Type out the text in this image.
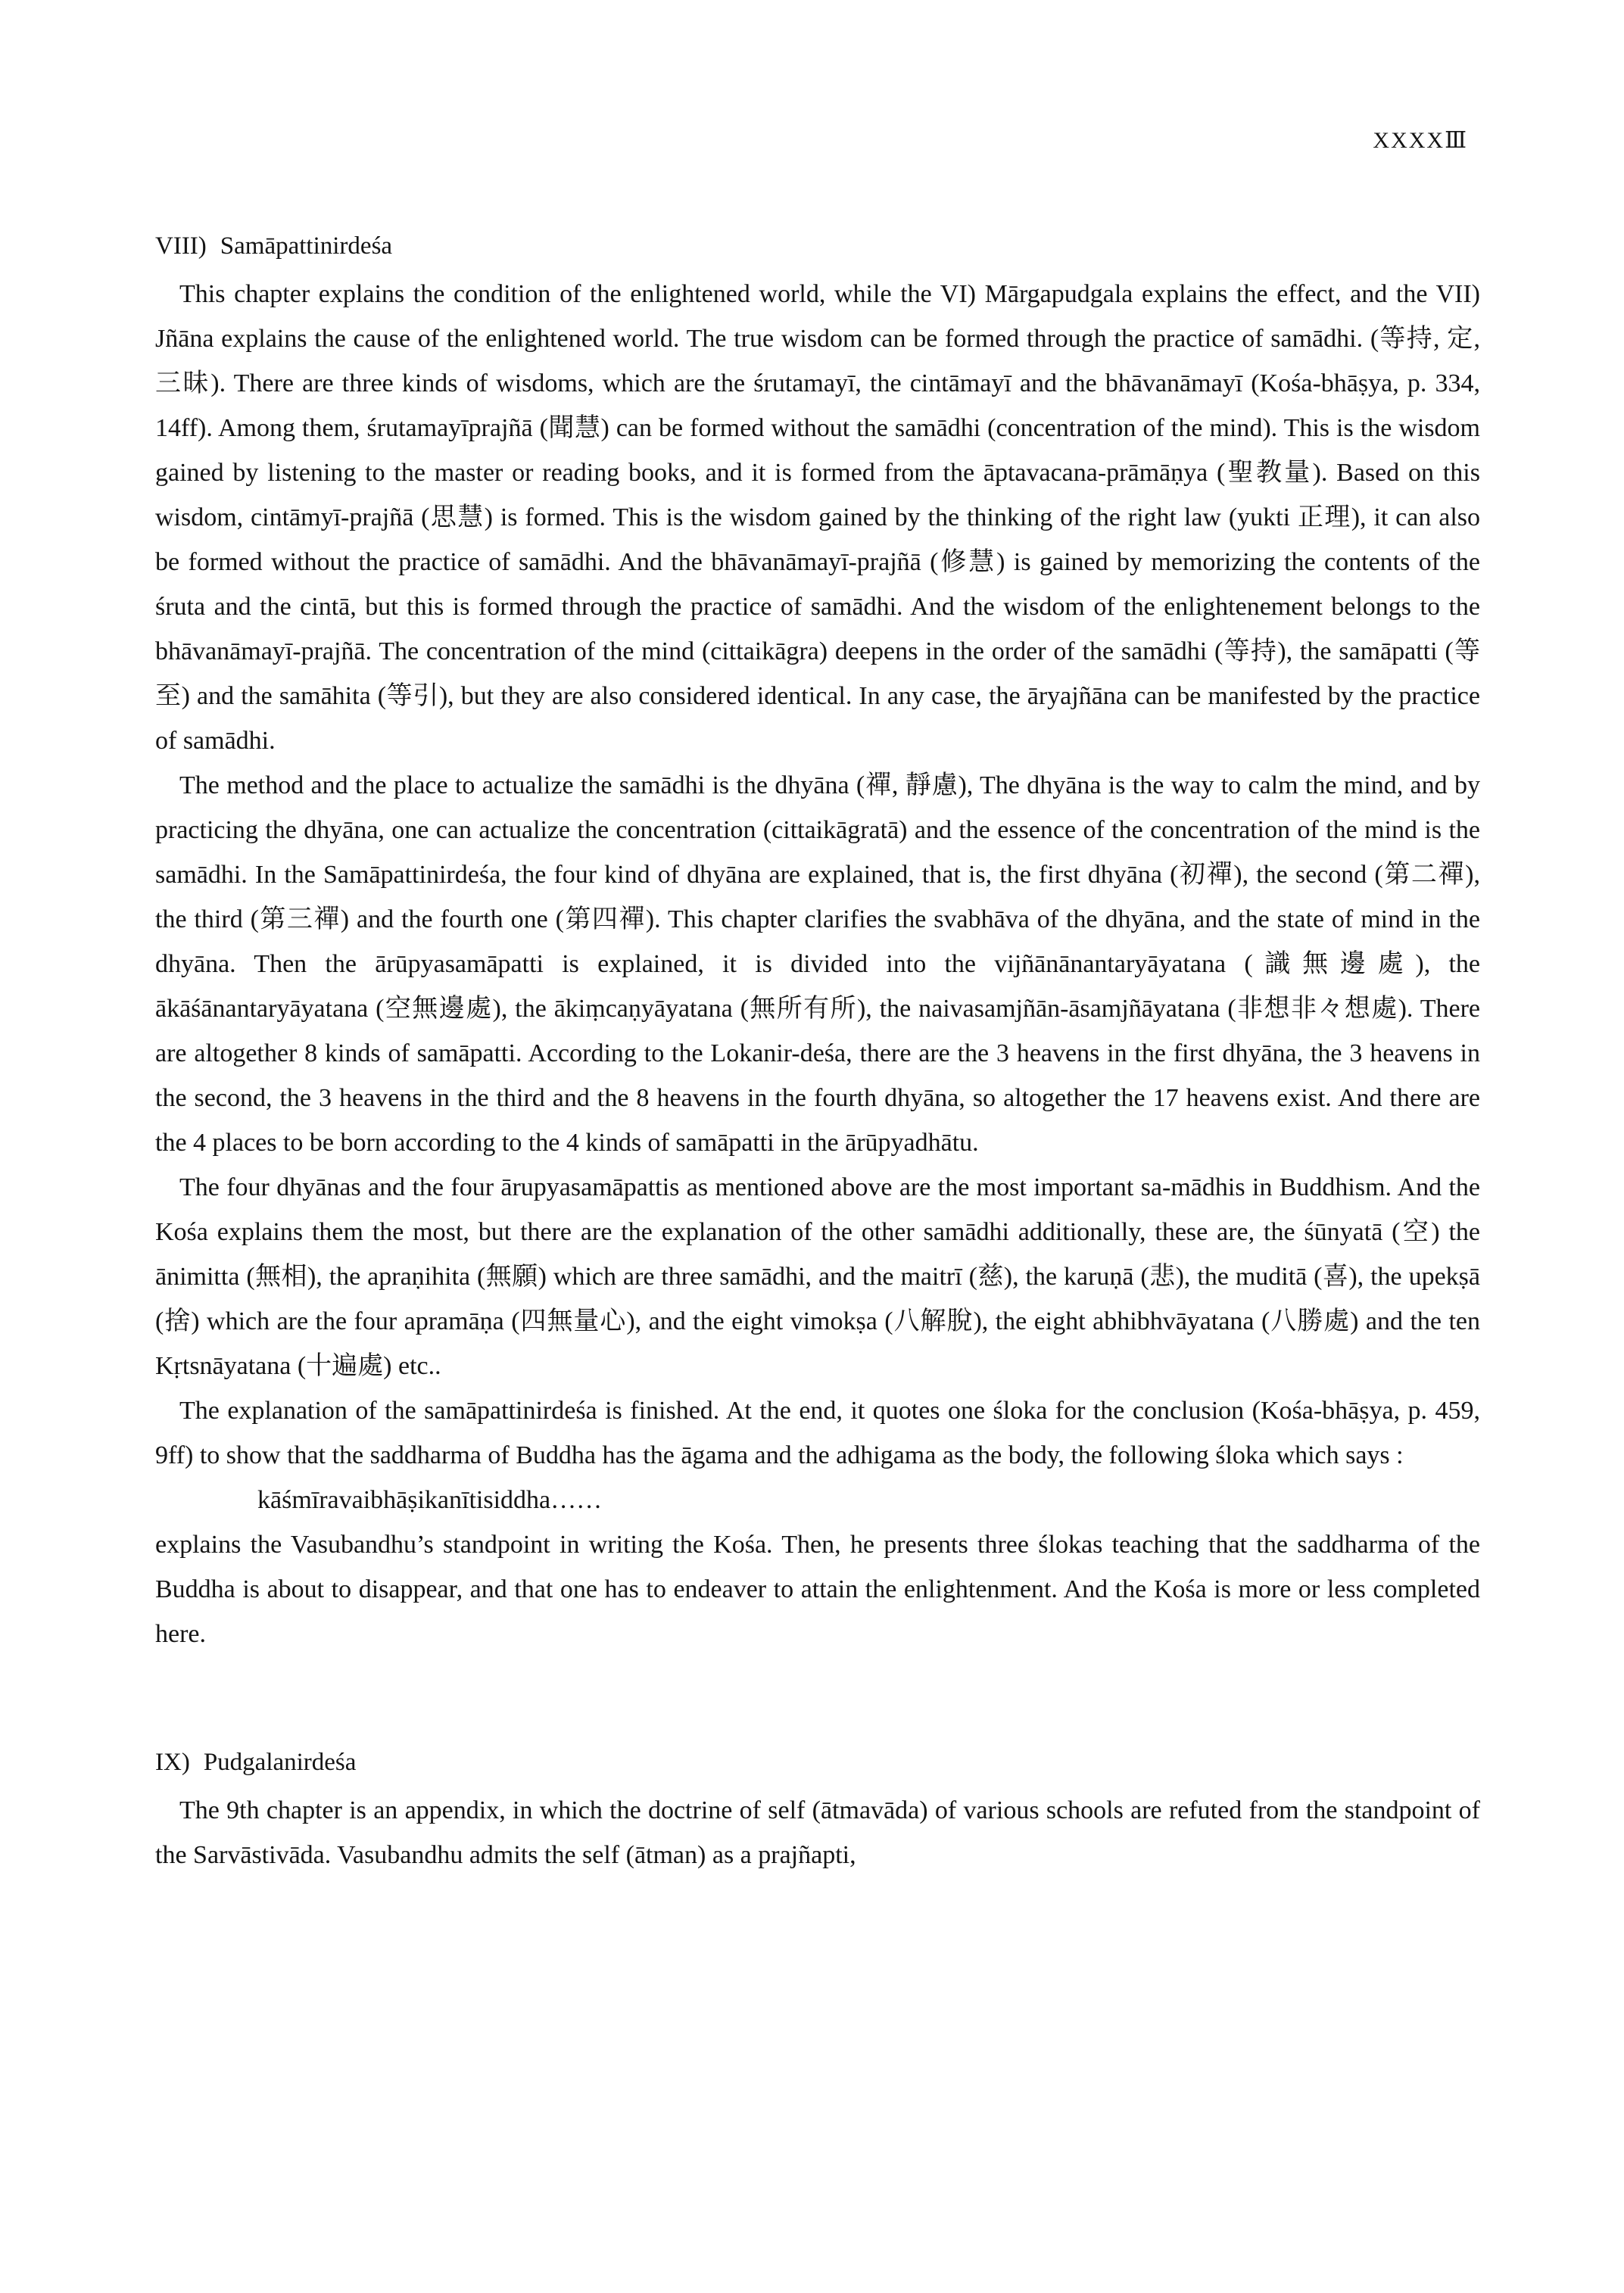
XXXXⅢ
VIII) Samāpattinirdeśa

This chapter explains the condition of the enlightened world, while the VI) Mārgapudgala explains the effect, and the VII) Jñāna explains the cause of the enlightened world. The true wisdom can be formed through the practice of samādhi. (等持, 定, 三昧). There are three kinds of wisdoms, which are the śrutamayī, the cintāmayī and the bhāvanāmayī (Kośa-bhāṣya, p. 334, 14ff). Among them, śrutamayīprajñā (聞慧) can be formed without the samādhi (concentration of the mind). This is the wisdom gained by listening to the master or reading books, and it is formed from the āptavacana-prāmāṇya (聖教量). Based on this wisdom, cintāmyī-prajñā (思慧) is formed. This is the wisdom gained by the thinking of the right law (yukti 正理), it can also be formed without the practice of samādhi. And the bhāvanāmayī-prajñā (修慧) is gained by memorizing the contents of the śruta and the cintā, but this is formed through the practice of samādhi. And the wisdom of the enlightenement belongs to the bhāvanāmayī-prajñā. The concentration of the mind (cittaikāgra) deepens in the order of the samādhi (等持), the samāpatti (等至) and the samāhita (等引), but they are also considered identical. In any case, the āryajñāna can be manifested by the practice of samādhi.

The method and the place to actualize the samādhi is the dhyāna (禪, 靜慮), The dhyāna is the way to calm the mind, and by practicing the dhyāna, one can actualize the concentration (cittaikāgratā) and the essence of the concentration of the mind is the samādhi. In the Samāpattinirdeśa, the four kind of dhyāna are explained, that is, the first dhyāna (初禪), the second (第二禪), the third (第三禪) and the fourth one (第四禪). This chapter clarifies the svabhāva of the dhyāna, and the state of mind in the dhyāna. Then the ārūpyasamāpatti is explained, it is divided into the vijñānānantaryāyatana (識無邊處), the ākāśānantaryāyatana (空無邊處), the ākiṃcaṇyāyatana (無所有所), the naivasamjñān-āsamjñāyatana (非想非々想處). There are altogether 8 kinds of samāpatti. According to the Lokanir-deśa, there are the 3 heavens in the first dhyāna, the 3 heavens in the second, the 3 heavens in the third and the 8 heavens in the fourth dhyāna, so altogether the 17 heavens exist. And there are the 4 places to be born according to the 4 kinds of samāpatti in the ārūpyadhātu.

The four dhyānas and the four ārupyasamāpattis as mentioned above are the most important sa-mādhis in Buddhism. And the Kośa explains them the most, but there are the explanation of the other samādhi additionally, these are, the śūnyatā (空) the ānimitta (無相), the apraṇihita (無願) which are three samādhi, and the maitrī (慈), the karuṇā (悲), the muditā (喜), the upekṣā (捨) which are the four apramāṇa (四無量心), and the eight vimokṣa (八解脫), the eight abhibhvāyatana (八勝處) and the ten Kṛtsnāyatana (十遍處) etc..

The explanation of the samāpattinirdeśa is finished. At the end, it quotes one śloka for the conclusion (Kośa-bhāṣya, p. 459, 9ff) to show that the saddharma of Buddha has the āgama and the adhigama as the body, the following śloka which says :

kāśmīravaibhāṣikanītisiddha……

explains the Vasubandhu’s standpoint in writing the Kośa. Then, he presents three ślokas teaching that the saddharma of the Buddha is about to disappear, and that one has to endeaver to attain the enlightenment. And the Kośa is more or less completed here.

IX) Pudgalanirdeśa

The 9th chapter is an appendix, in which the doctrine of self (ātmavāda) of various schools are refuted from the standpoint of the Sarvāstivāda. Vasubandhu admits the self (ātman) as a prajñapti,
